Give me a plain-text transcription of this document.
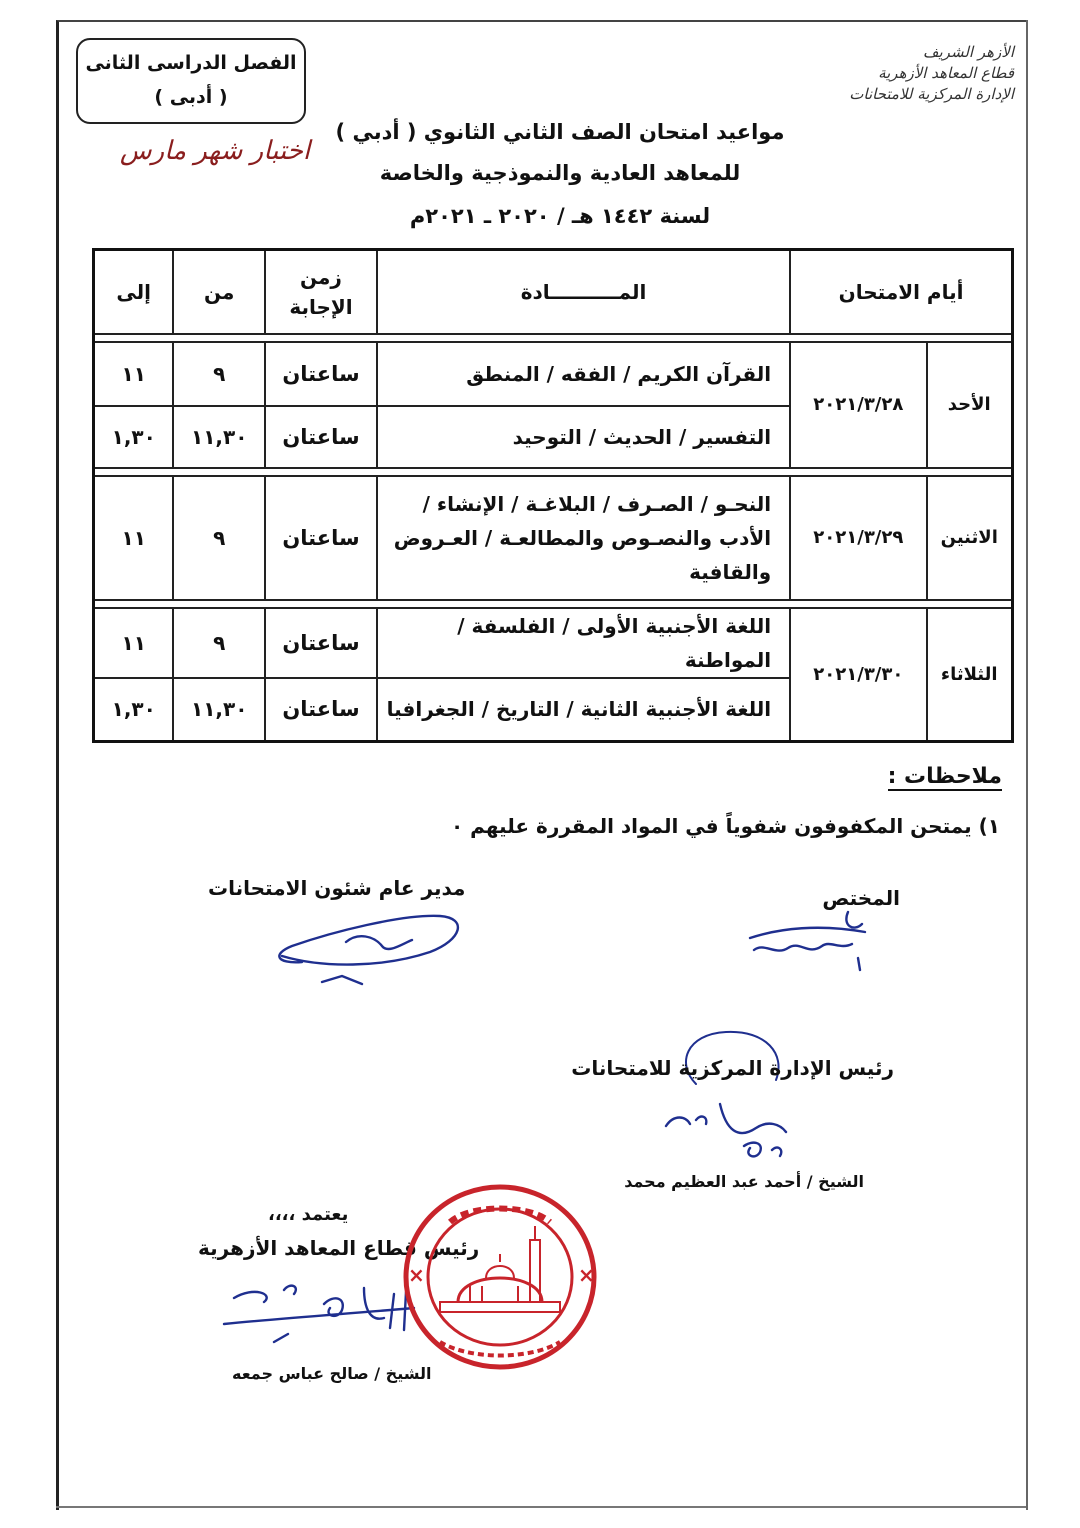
الأزهر الشريف
قطاع المعاهد الأزهرية
الإدارة المركزية للامتحانات
الفصل الدراسى الثانى
( أدبى )
اختبار شهر مارس
مواعيد امتحان الصف الثاني الثانوي ( أدبي )
للمعاهد العادية والنموذجية والخاصة
لسنة ١٤٤٢ هـ / ٢٠٢٠ ـ ٢٠٢١م
أيام الامتحان		المــــــــــادة	زمن الإجابة	من	إلى

الأحد	٢٠٢١/٣/٢٨	القرآن الكريم / الفقه / المنطق	ساعتان	٩	١١
		التفسير / الحديث / التوحيد	ساعتان	١١,٣٠	١,٣٠

الاثنين	٢٠٢١/٣/٢٩	النحـو / الصـرف / البلاغـة / الإنشاء / الأدب والنصـوص والمطالعـة / العـروض والقافية	ساعتان	٩	١١

الثلاثاء	٢٠٢١/٣/٣٠	اللغة الأجنبية الأولى / الفلسفة / المواطنة	ساعتان	٩	١١
		اللغة الأجنبية الثانية / التاريخ / الجغرافيا	ساعتان	١١,٣٠	١,٣٠
ملاحظات :
١) يمتحن المكفوفون شفوياً في المواد المقررة عليهم ٠
المختص
مدير عام شئون الامتحانات
رئيس الإدارة المركزية للامتحانات
الشيخ / أحمد عبد العظيم محمد
يعتمد ،،،،
رئيس قطاع المعاهد الأزهرية
الشيخ / صالح عباس جمعه
×	×
